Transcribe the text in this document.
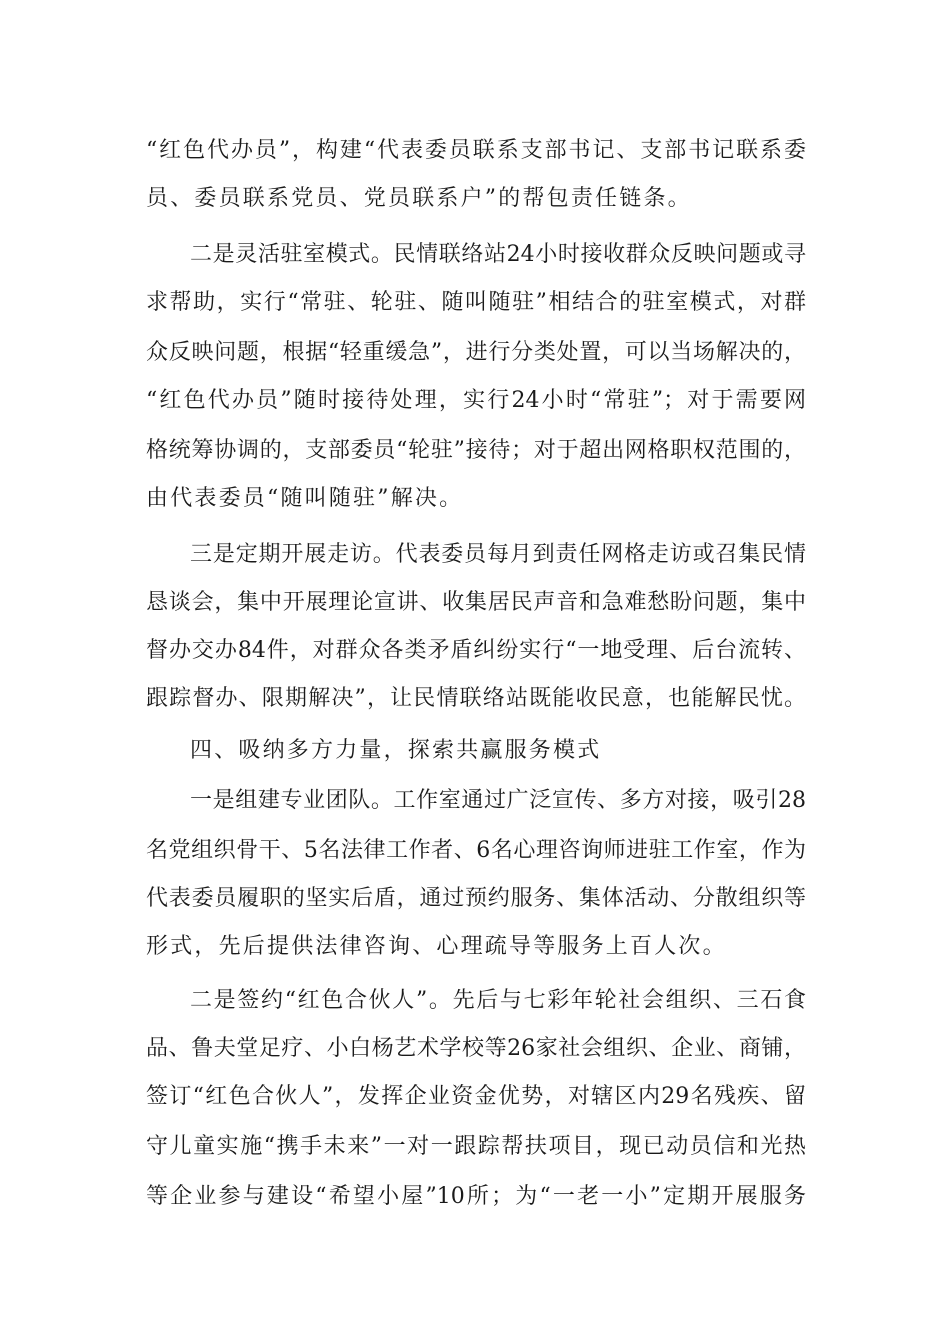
“红色代办员”，构建“代表委员联系支部书记、支部书记联系委
员、委员联系党员、党员联系户”的帮包责任链条。
二是灵活驻室模式。民情联络站24小时接收群众反映问题或寻
求帮助，实行“常驻、轮驻、随叫随驻”相结合的驻室模式，对群
众反映问题，根据“轻重缓急”，进行分类处置，可以当场解决的，
“红色代办员”随时接待处理，实行24小时“常驻”；对于需要网
格统筹协调的，支部委员“轮驻”接待；对于超出网格职权范围的，
由代表委员“随叫随驻”解决。
三是定期开展走访。代表委员每月到责任网格走访或召集民情
恳谈会，集中开展理论宣讲、收集居民声音和急难愁盼问题，集中
督办交办84件，对群众各类矛盾纠纷实行“一地受理、后台流转、
跟踪督办、限期解决”，让民情联络站既能收民意，也能解民忧。
四、吸纳多方力量，探索共赢服务模式
一是组建专业团队。工作室通过广泛宣传、多方对接，吸引28
名党组织骨干、5名法律工作者、6名心理咨询师进驻工作室，作为
代表委员履职的坚实后盾，通过预约服务、集体活动、分散组织等
形式，先后提供法律咨询、心理疏导等服务上百人次。
二是签约“红色合伙人”。先后与七彩年轮社会组织、三石食
品、鲁夫堂足疗、小白杨艺术学校等26家社会组织、企业、商铺，
签订“红色合伙人”，发挥企业资金优势，对辖区内29名残疾、留
守儿童实施“携手未来”一对一跟踪帮扶项目，现已动员信和光热
等企业参与建设“希望小屋”10所；为“一老一小”定期开展服务
